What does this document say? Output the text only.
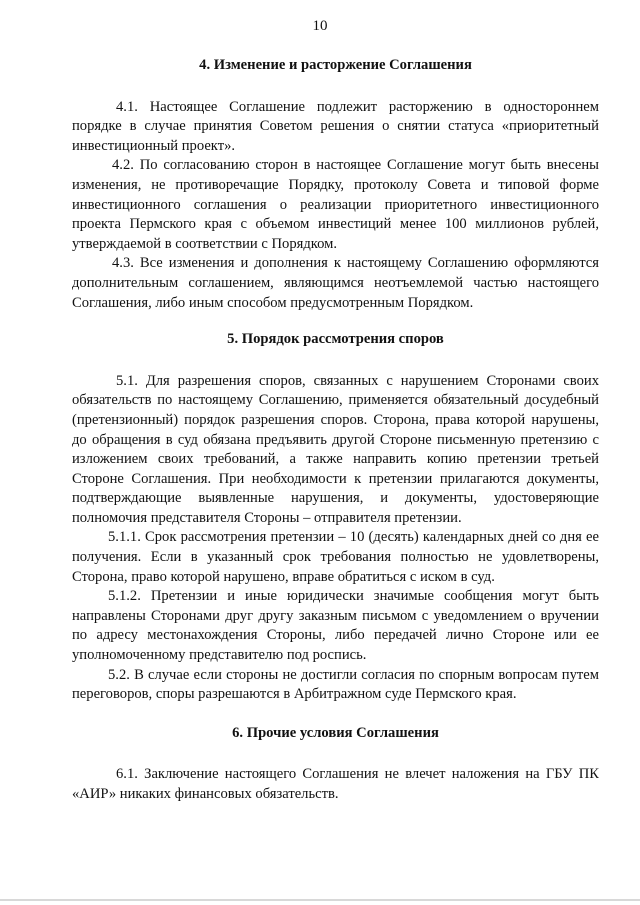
10

4. Изменение и расторжение Соглашения

4.1. Настоящее Соглашение подлежит расторжению в одностороннем порядке в случае принятия Советом решения о снятии статуса «приоритетный инвестиционный проект».

4.2. По согласованию сторон в настоящее Соглашение могут быть внесены изменения, не противоречащие Порядку, протоколу Совета и типовой форме инвестиционного соглашения о реализации приоритетного инвестиционного проекта Пермского края с объемом инвестиций менее 100 миллионов рублей, утверждаемой в соответствии с Порядком.

4.3. Все изменения и дополнения к настоящему Соглашению оформляются дополнительным соглашением, являющимся неотъемлемой частью настоящего Соглашения, либо иным способом предусмотренным Порядком.

5. Порядок рассмотрения споров

5.1. Для разрешения споров, связанных с нарушением Сторонами своих обязательств по настоящему Соглашению, применяется обязательный досудебный (претензионный) порядок разрешения споров. Сторона, права которой нарушены, до обращения в суд обязана предъявить другой Стороне письменную претензию с изложением своих требований, а также направить копию претензии третьей Стороне Соглашения. При необходимости к претензии прилагаются документы, подтверждающие выявленные нарушения, и документы, удостоверяющие полномочия представителя Стороны – отправителя претензии.

5.1.1. Срок рассмотрения претензии – 10 (десять) календарных дней со дня ее получения. Если в указанный срок требования полностью не удовлетворены, Сторона, право которой нарушено, вправе обратиться с иском в суд.

5.1.2. Претензии и иные юридически значимые сообщения могут быть направлены Сторонами друг другу заказным письмом с уведомлением о вручении по адресу местонахождения Стороны, либо передачей лично Стороне или ее уполномоченному представителю под роспись.

5.2. В случае если стороны не достигли согласия по спорным вопросам путем переговоров, споры разрешаются в Арбитражном суде Пермского края.

6. Прочие условия Соглашения

6.1. Заключение настоящего Соглашения не влечет наложения на ГБУ ПК «АИР» никаких финансовых обязательств.
